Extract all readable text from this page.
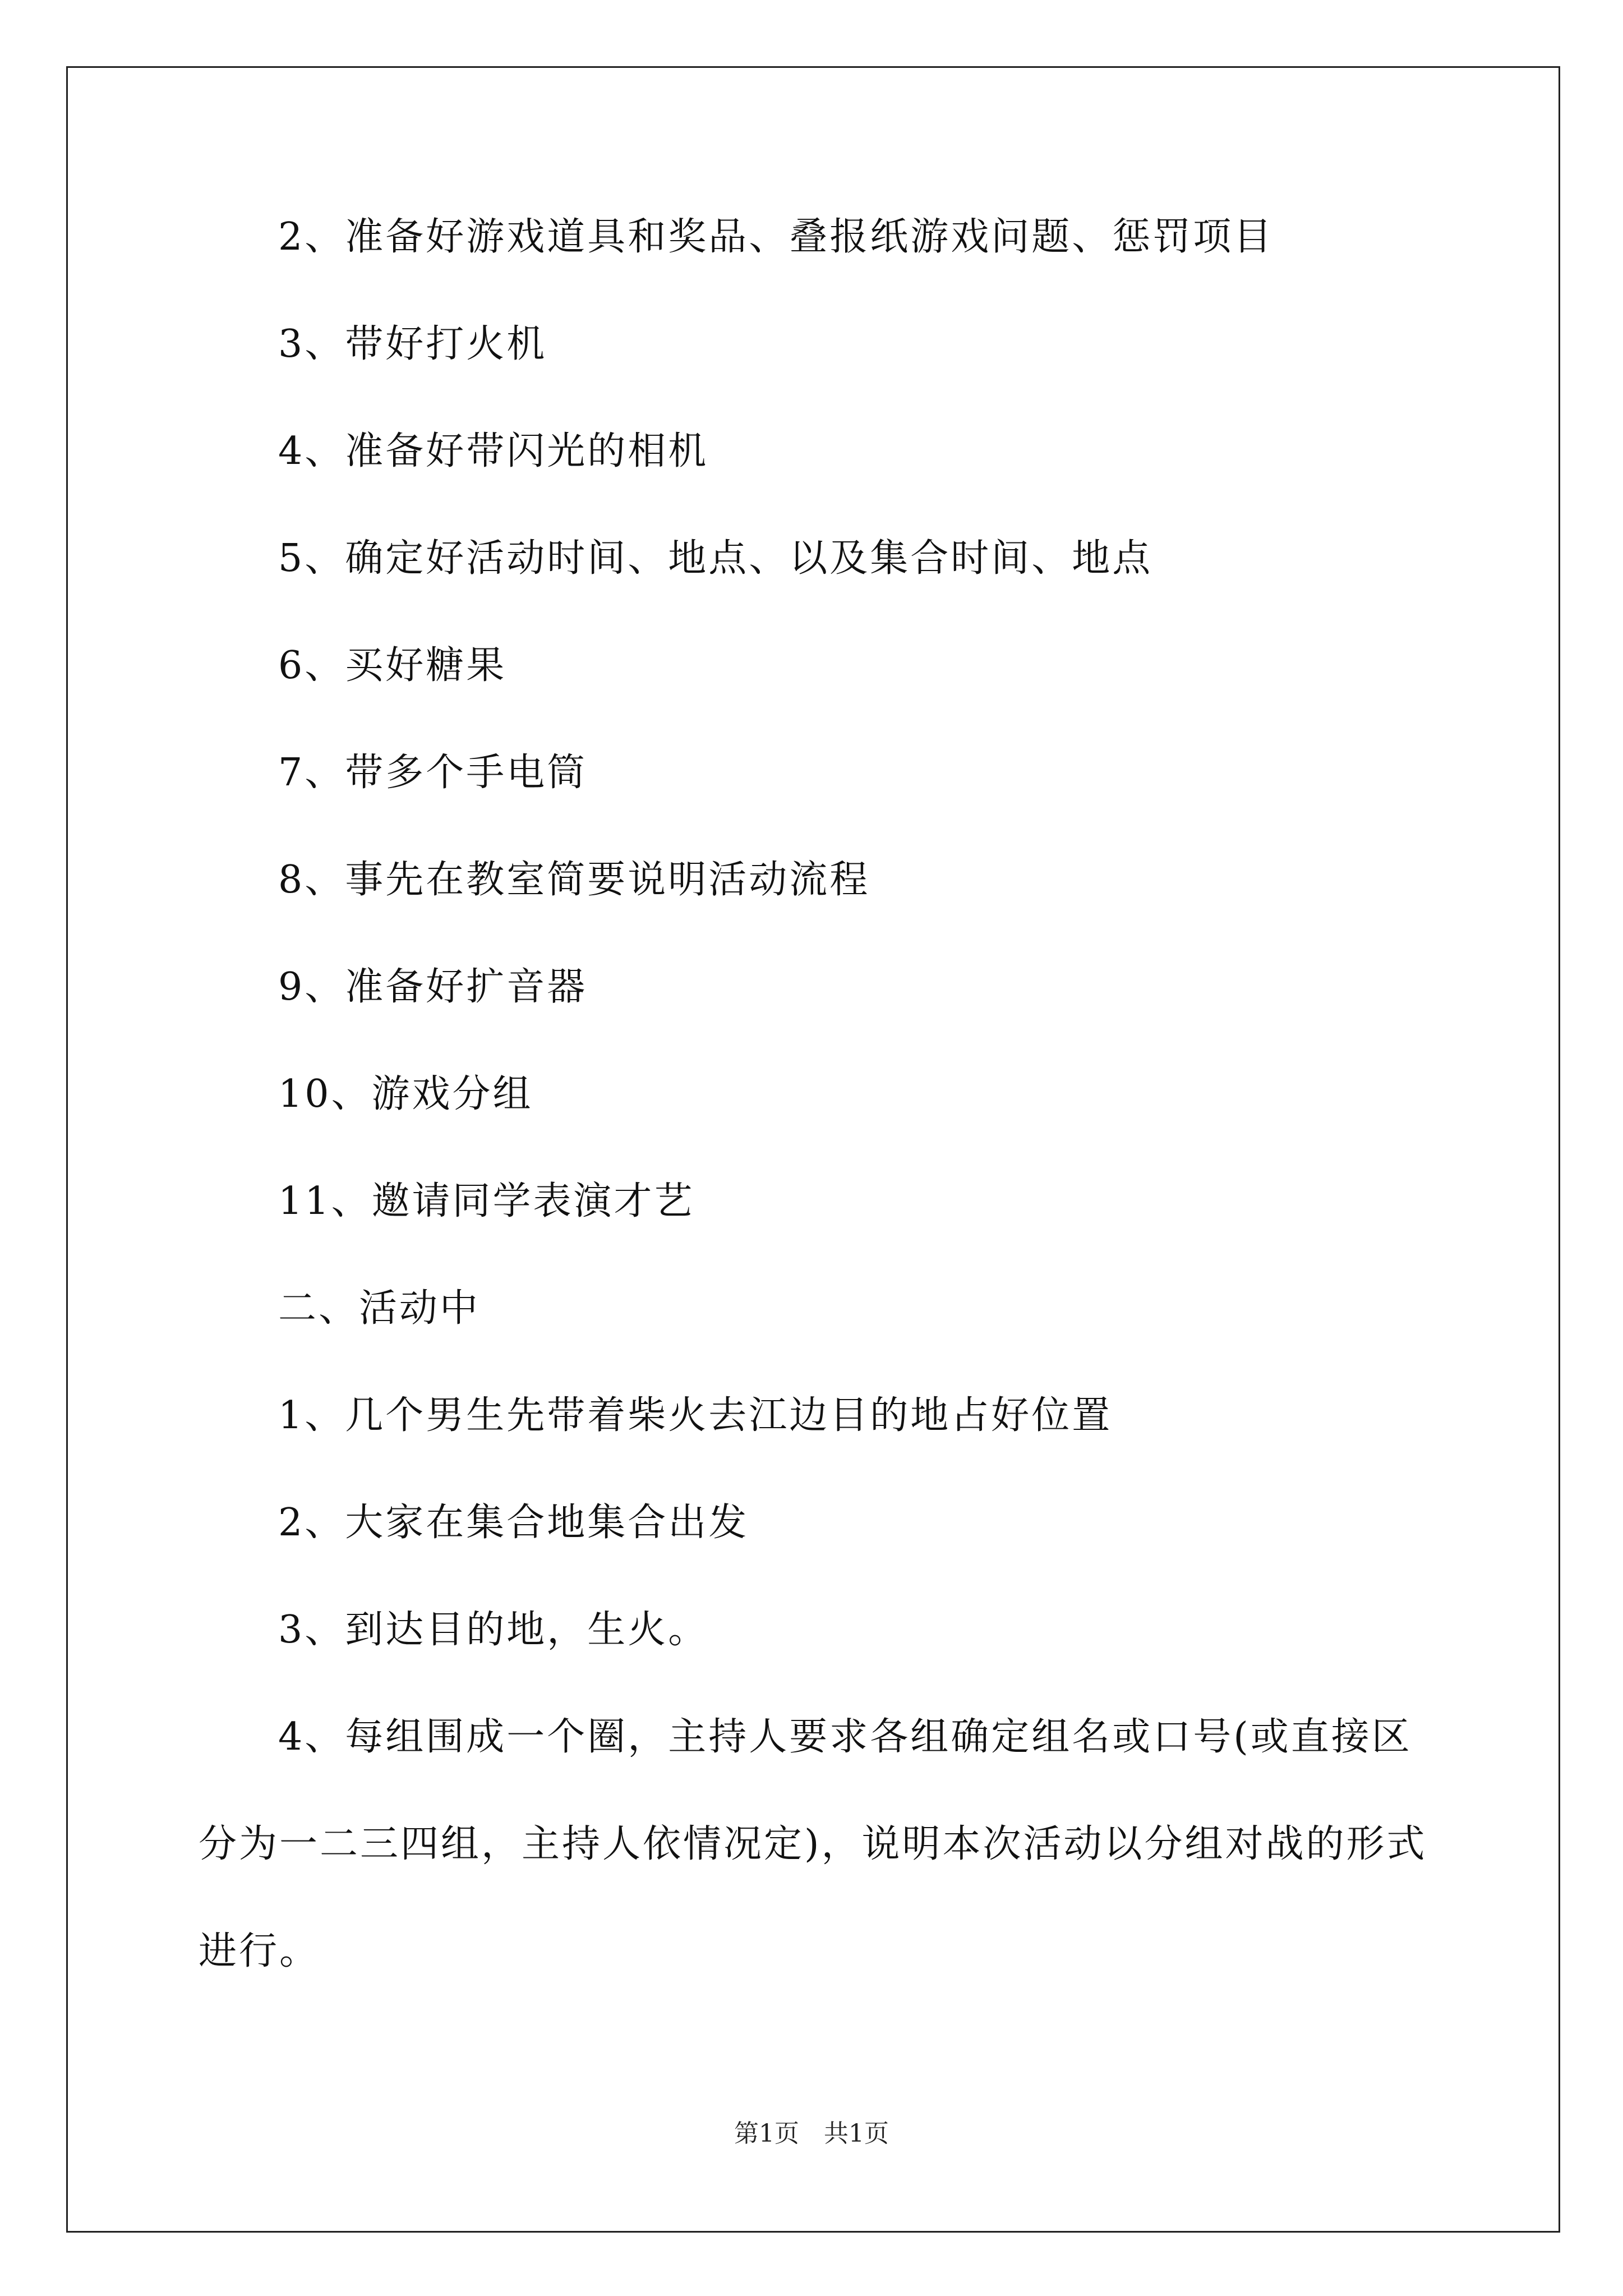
2、准备好游戏道具和奖品、叠报纸游戏问题、惩罚项目

3、带好打火机

4、准备好带闪光的相机

5、确定好活动时间、地点、以及集合时间、地点

6、买好糖果

7、带多个手电筒

8、事先在教室简要说明活动流程

9、准备好扩音器

10、游戏分组

11、邀请同学表演才艺

二、活动中

1、几个男生先带着柴火去江边目的地占好位置

2、大家在集合地集合出发

3、到达目的地，生火。

4、每组围成一个圈，主持人要求各组确定组名或口号(或直接区

分为一二三四组，主持人依情况定)，说明本次活动以分组对战的形式

进行。

第1页　共1页
